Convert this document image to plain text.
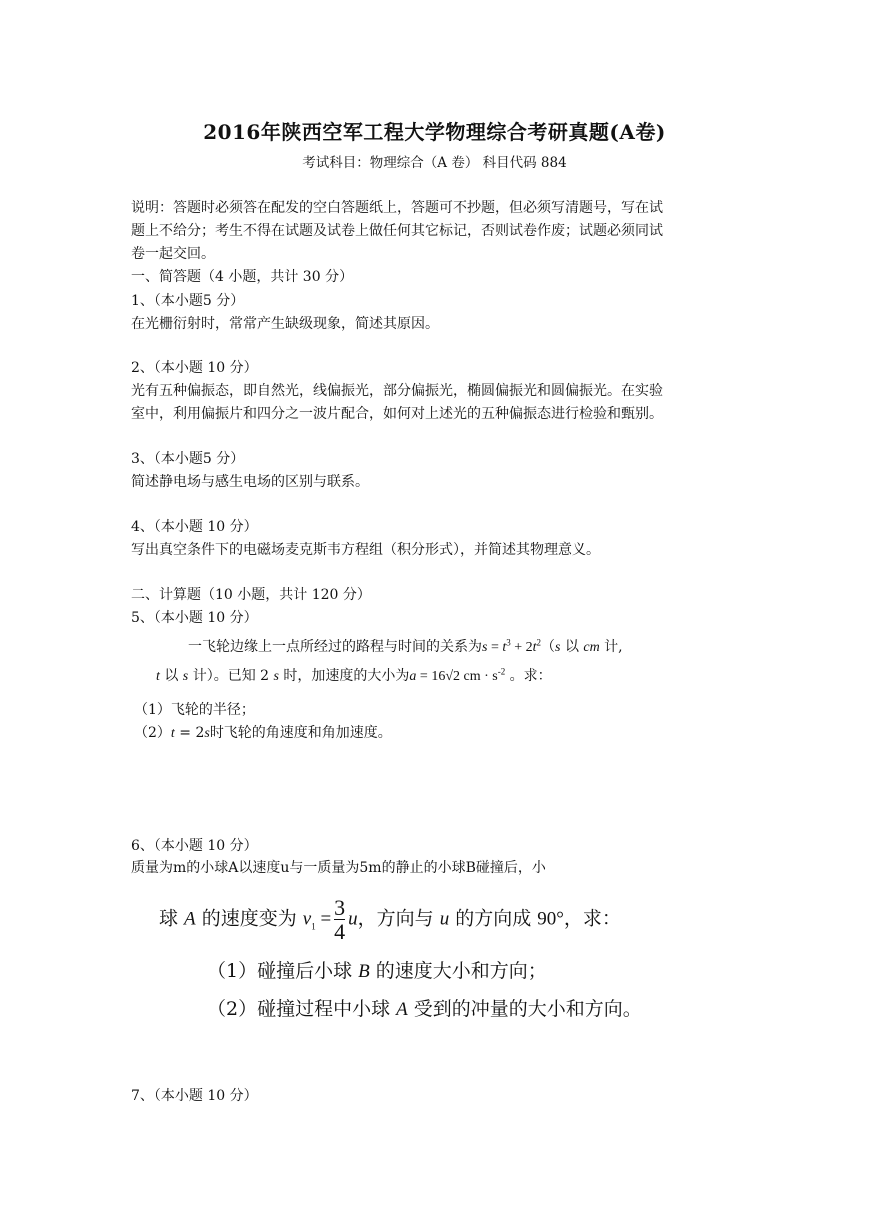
2016年陕西空军工程大学物理综合考研真题(A卷)
考试科目：物理综合（A 卷） 科目代码 884
说明：答题时必须答在配发的空白答题纸上，答题可不抄题，但必须写清题号，写在试
题上不给分；考生不得在试题及试卷上做任何其它标记，否则试卷作废；试题必须同试
卷一起交回。
一、简答题（4 小题，共计 30 分）
1、（本小题5 分）
在光栅衍射时，常常产生缺级现象，简述其原因。
2、（本小题 10 分）
光有五种偏振态，即自然光，线偏振光，部分偏振光，椭圆偏振光和圆偏振光。在实验
室中，利用偏振片和四分之一波片配合，如何对上述光的五种偏振态进行检验和甄别。
3、（本小题5 分）
简述静电场与感生电场的区别与联系。
4、（本小题 10 分）
写出真空条件下的电磁场麦克斯韦方程组（积分形式），并简述其物理意义。
二、计算题（10 小题，共计 120 分）
5、（本小题 10 分）
一飞轮边缘上一点所经过的路程与时间的关系为$s = t^3 + 2t^2(s$ 以 cm 计,
t 以 s 计）。已知 2 s 时，加速度的大小为a = 16√2 cm · $s^{-2}$ 。求：
（1）飞轮的半径；
（2）t = 2s时飞轮的角速度和角加速度。
6、（本小题 10 分）
质量为m的小球A以速度u与一质量为5m的静止的小球B碰撞后，小
球 A 的速度变为 $v_1 = \frac{3}{4}$ u，方向与 u 的方向成 90°，求：
（1）碰撞后小球 B 的速度大小和方向；
（2）碰撞过程中小球 A 受到的冲量的大小和方向。
7、（本小题 10 分）
